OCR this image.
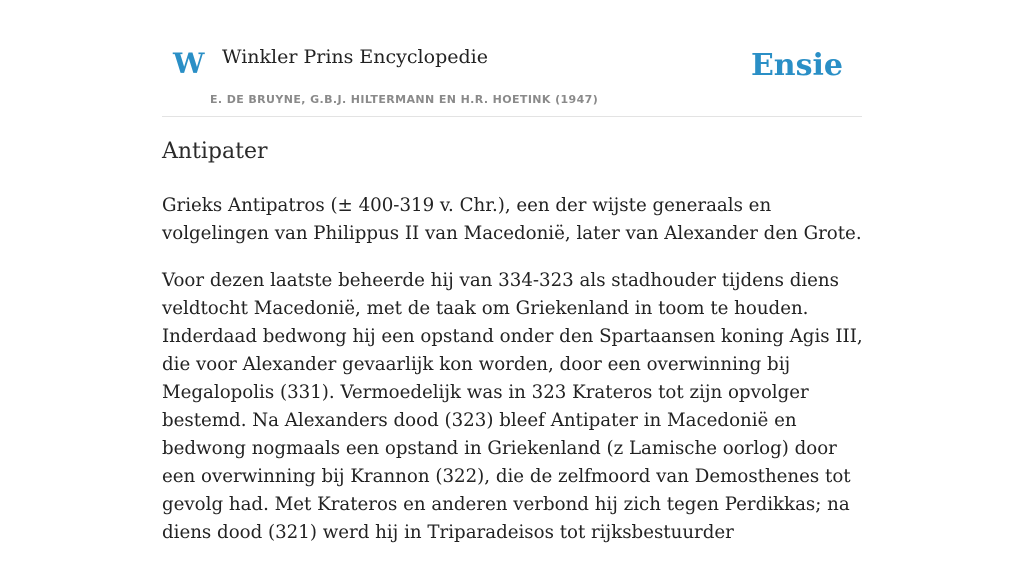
W Winkler Prins Encyclopedie
E. DE BRUYNE, G.B.J. HILTERMANN EN H.R. HOETINK (1947)
Ensie
Antipater

Grieks Antipatros (± 400-319 v. Chr.), een der wijste generaals en volgelingen van Philippus II van Macedonië, later van Alexander den Grote.

Voor dezen laatste beheerde hij van 334-323 als stadhouder tijdens diens veldtocht Macedonië, met de taak om Griekenland in toom te houden. Inderdaad bedwong hij een opstand onder den Spartaansen koning Agis III, die voor Alexander gevaarlijk kon worden, door een overwinning bij Megalopolis (331). Vermoedelijk was in 323 Krateros tot zijn opvolger bestemd. Na Alexanders dood (323) bleef Antipater in Macedonië en bedwong nogmaals een opstand in Griekenland (z Lamische oorlog) door een overwinning bij Krannon (322), die de zelfmoord van Demosthenes tot gevolg had. Met Krateros en anderen verbond hij zich tegen Perdikkas; na diens dood (321) werd hij in Triparadeisos tot rijksbestuurder
